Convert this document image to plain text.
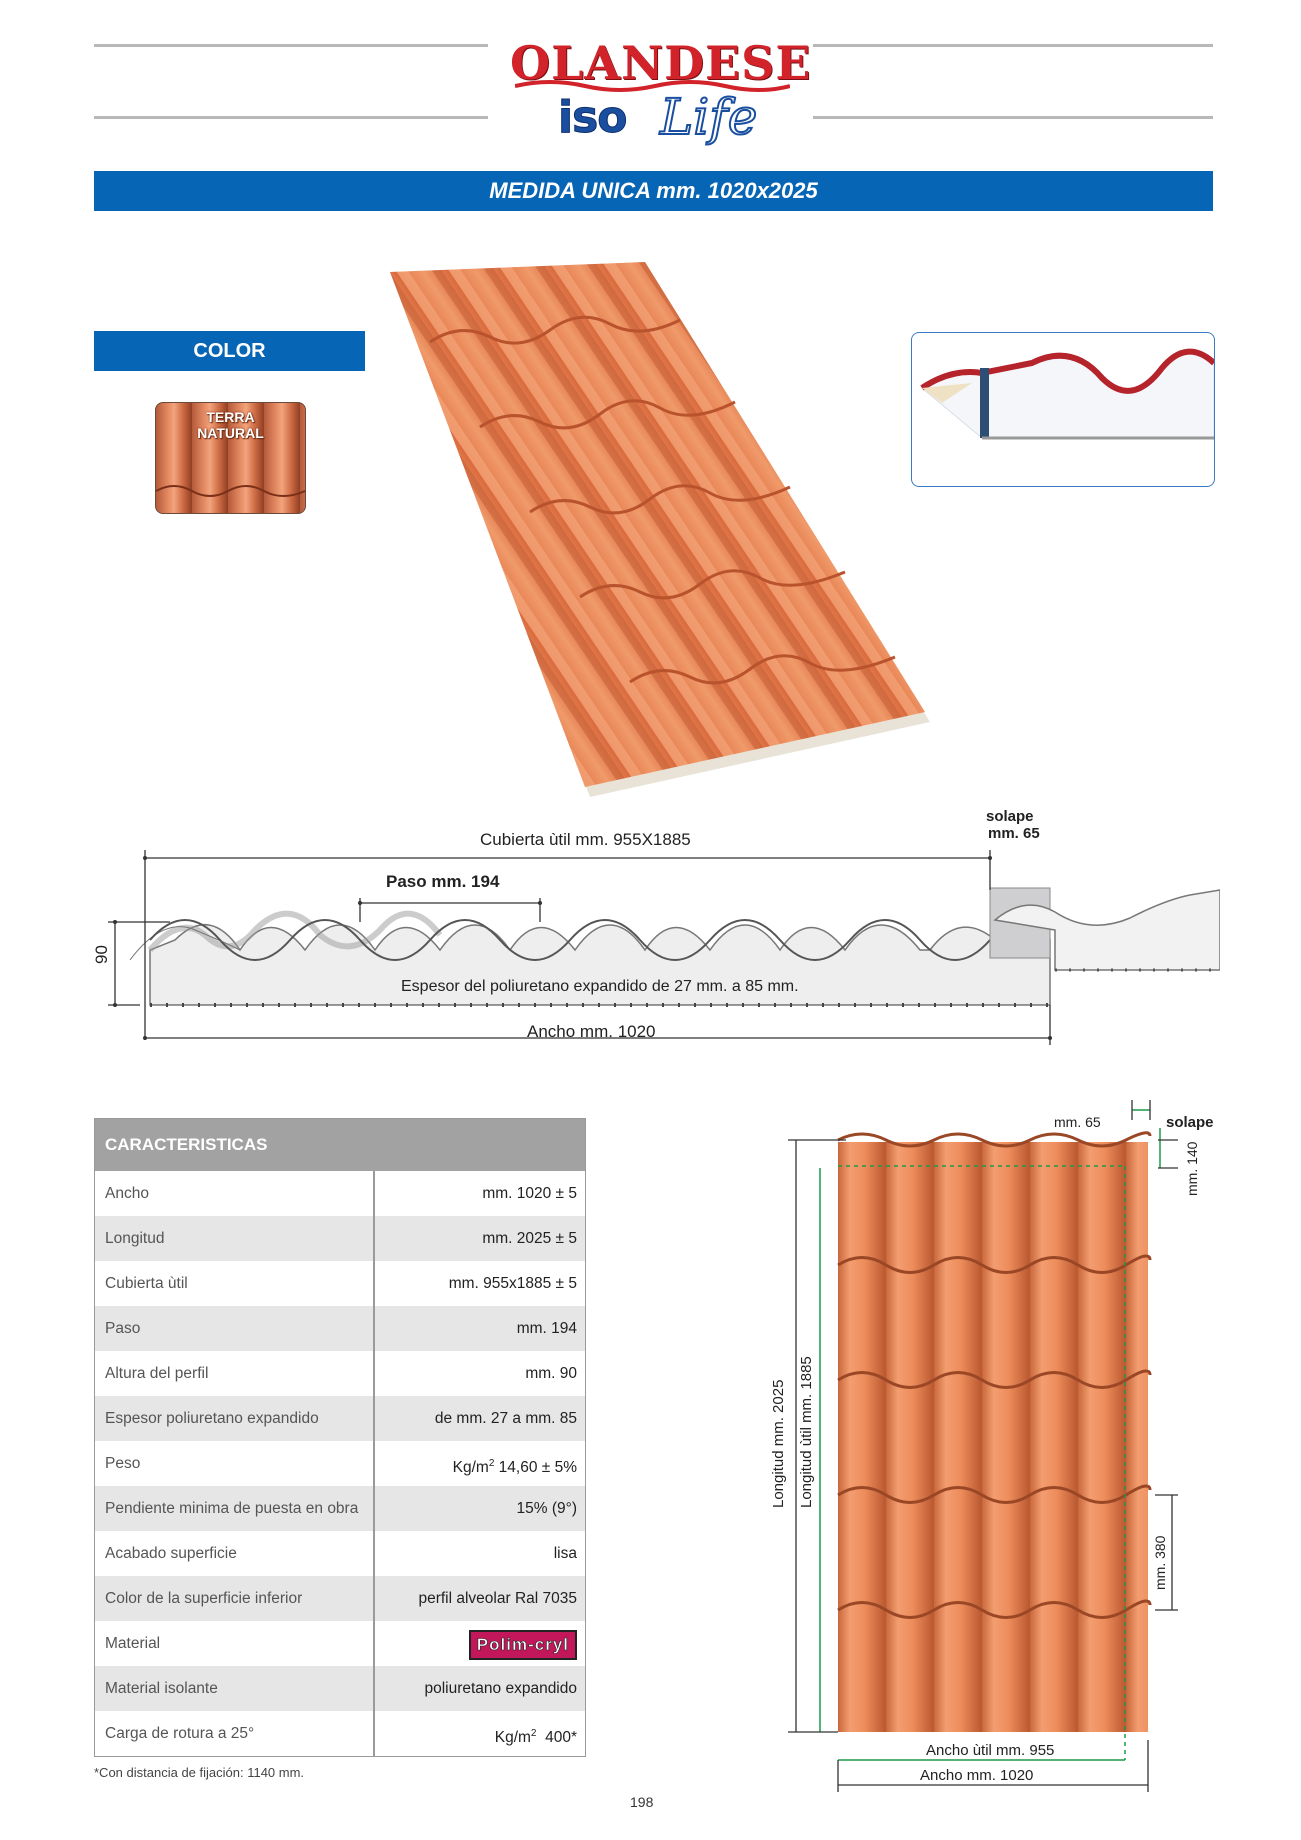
OLANDESE
iso Life
MEDIDA UNICA mm. 1020x2025
COLOR
TERRA
NATURAL
Cubierta ùtil mm. 955X1885
solape
mm. 65
Paso mm. 194
90
Espesor del poliuretano expandido de 27 mm. a 85 mm.
Ancho mm. 1020
CARACTERISTICAS
Ancho	mm. 1020 ± 5
Longitud	mm. 2025 ± 5
Cubierta ùtil	mm. 955x1885 ± 5
Paso	mm. 194
Altura del perfil	mm. 90
Espesor poliuretano expandido	de mm. 27 a mm. 85
Peso	$Kg/m^2$ 14,60 ± 5%
Pendiente minima de puesta en obra	15% (9°)
Acabado superficie	lisa
Color de la superficie inferior	perfil alveolar Ral 7035
Material	Polim-cryl
Material isolante	poliuretano expandido
Carga de rotura a 25°	$Kg/m^2$  400*
*Con distancia de fijación: 1140 mm.
198
mm. 65	solape
mm. 140
Longitud mm. 2025 Longitud ùtil mm. 1885
mm. 380
Ancho ùtil mm. 955
Ancho mm. 1020
